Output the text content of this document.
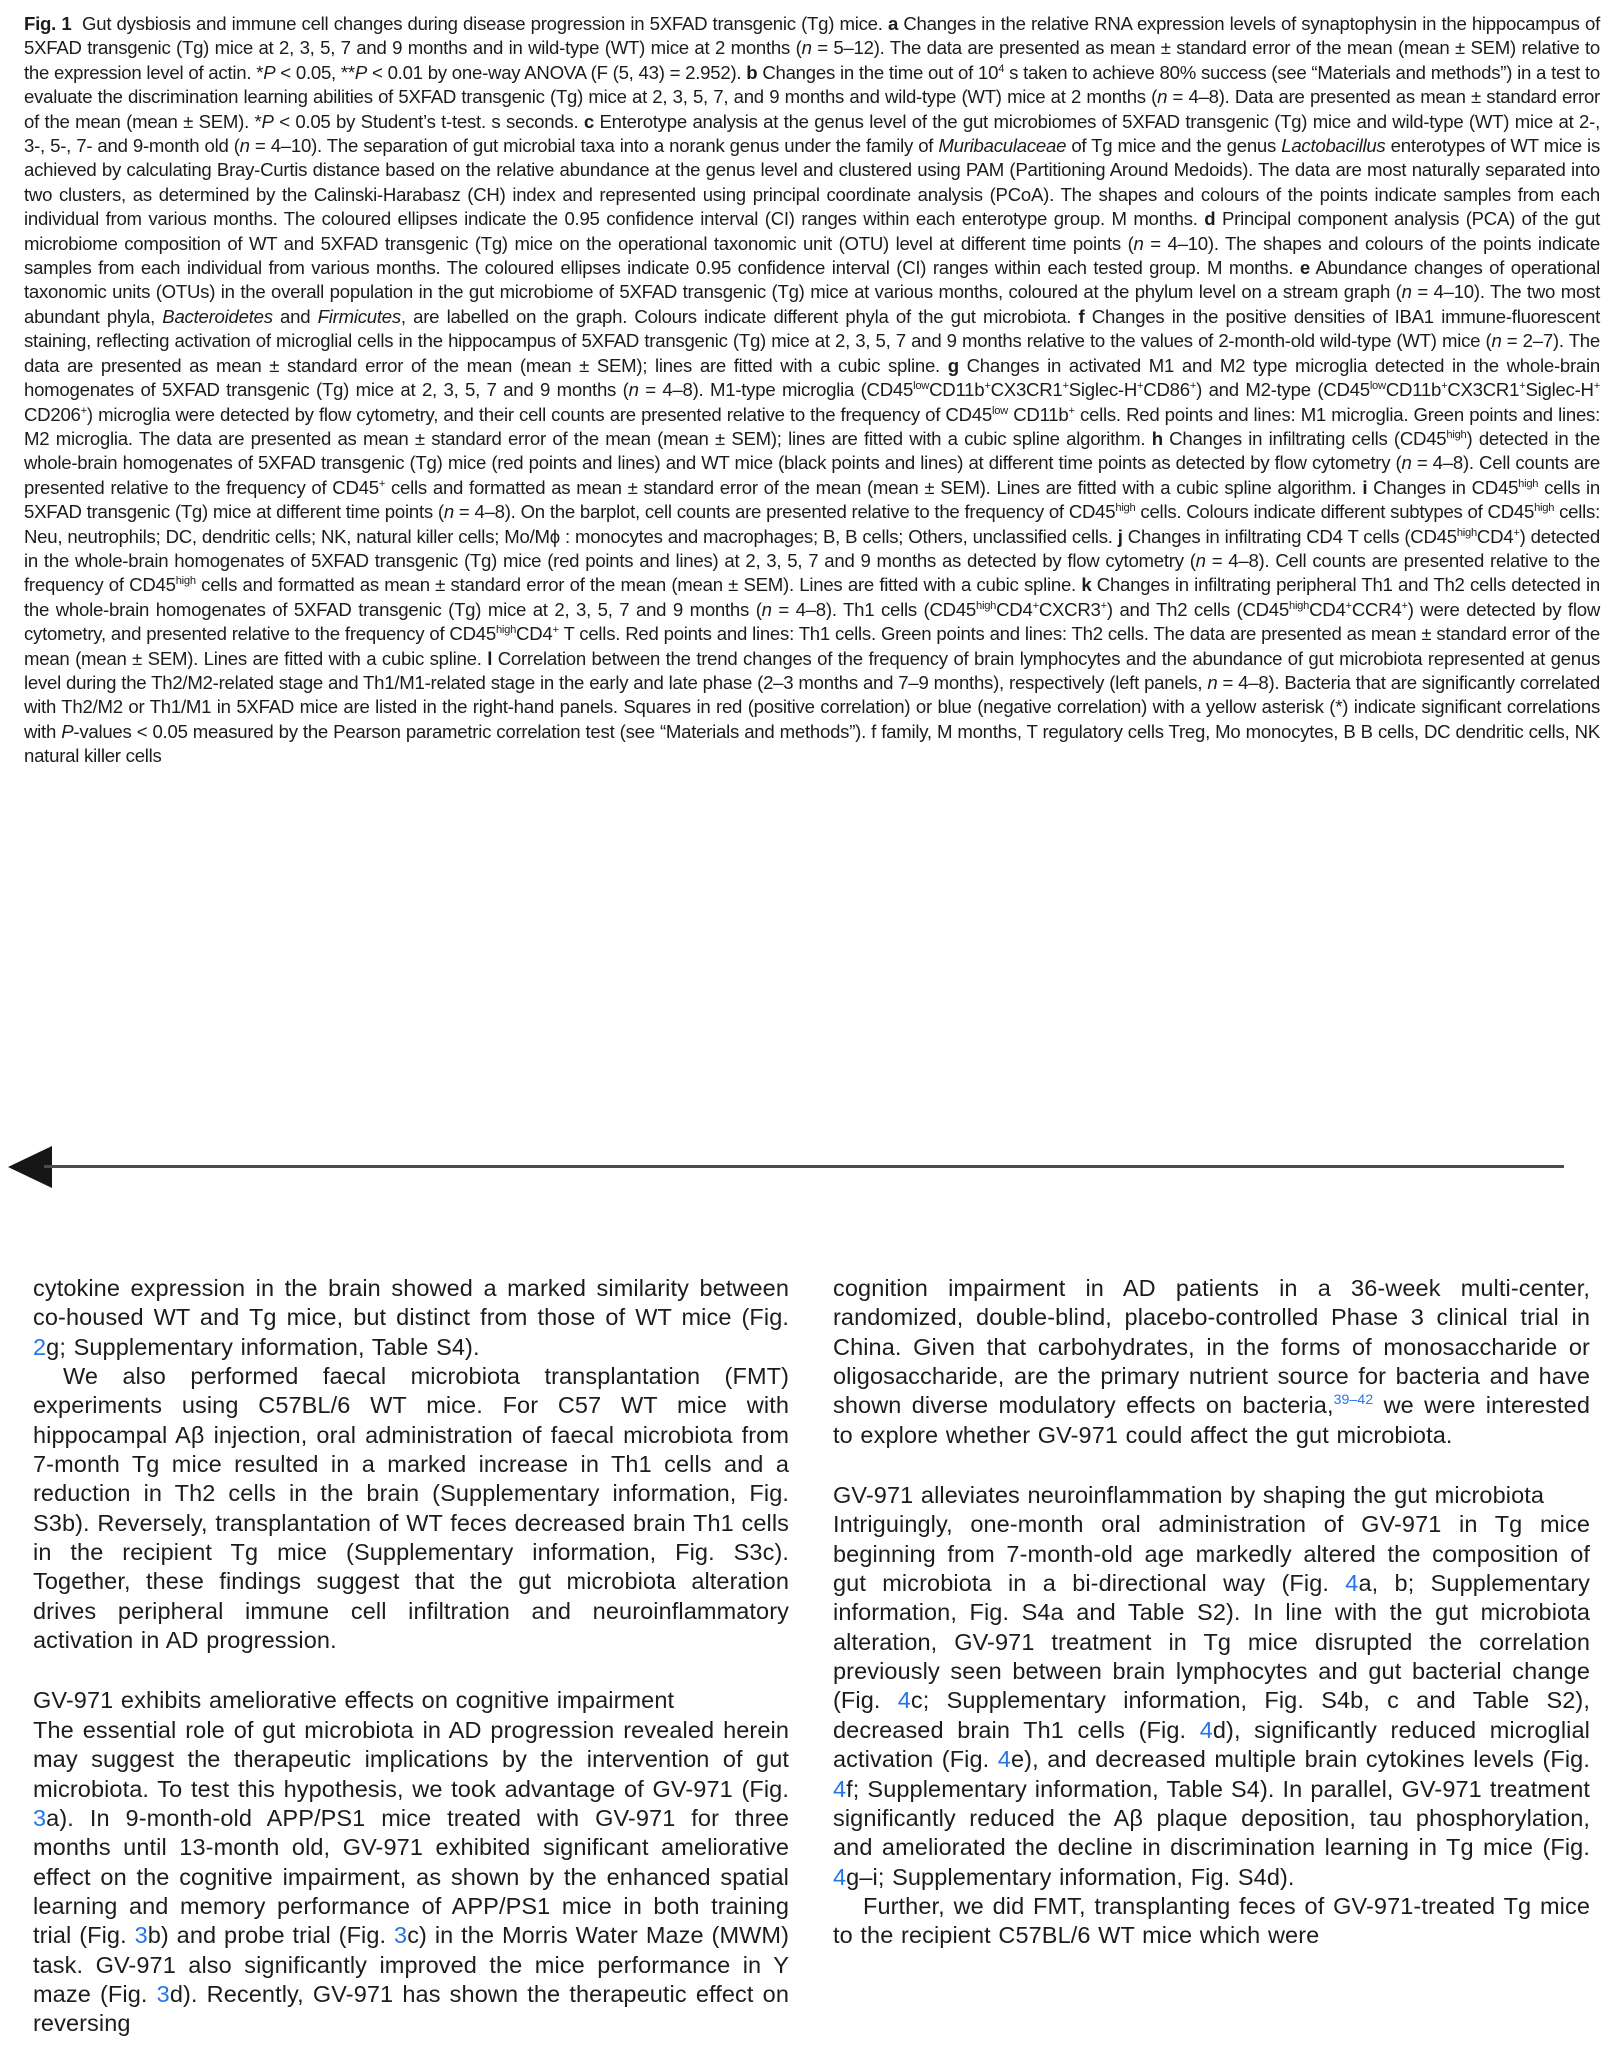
Fig. 1  Gut dysbiosis and immune cell changes during disease progression in 5XFAD transgenic (Tg) mice. a Changes in the relative RNA expression levels of synaptophysin in the hippocampus of 5XFAD transgenic (Tg) mice at 2, 3, 5, 7 and 9 months and in wild-type (WT) mice at 2 months (n = 5–12). The data are presented as mean ± standard error of the mean (mean ± SEM) relative to the expression level of actin. *P < 0.05, **P < 0.01 by one-way ANOVA (F (5, 43) = 2.952). b Changes in the time out of $10^4$ s taken to achieve 80% success (see “Materials and methods”) in a test to evaluate the discrimination learning abilities of 5XFAD transgenic (Tg) mice at 2, 3, 5, 7, and 9 months and wild-type (WT) mice at 2 months (n = 4–8). Data are presented as mean ± standard error of the mean (mean ± SEM). *P < 0.05 by Student’s t-test. s seconds. c Enterotype analysis at the genus level of the gut microbiomes of 5XFAD transgenic (Tg) mice and wild-type (WT) mice at 2-, 3-, 5-, 7- and 9-month old (n = 4–10). The separation of gut microbial taxa into a norank genus under the family of Muribaculaceae of Tg mice and the genus Lactobacillus enterotypes of WT mice is achieved by calculating Bray-Curtis distance based on the relative abundance at the genus level and clustered using PAM (Partitioning Around Medoids). The data are most naturally separated into two clusters, as determined by the Calinski-Harabasz (CH) index and represented using principal coordinate analysis (PCoA). The shapes and colours of the points indicate samples from each individual from various months. The coloured ellipses indicate the 0.95 confidence interval (CI) ranges within each enterotype group. M months. d Principal component analysis (PCA) of the gut microbiome composition of WT and 5XFAD transgenic (Tg) mice on the operational taxonomic unit (OTU) level at different time points (n = 4–10). The shapes and colours of the points indicate samples from each individual from various months. The coloured ellipses indicate 0.95 confidence interval (CI) ranges within each tested group. M months. e Abundance changes of operational taxonomic units (OTUs) in the overall population in the gut microbiome of 5XFAD transgenic (Tg) mice at various months, coloured at the phylum level on a stream graph (n = 4–10). The two most abundant phyla, Bacteroidetes and Firmicutes, are labelled on the graph. Colours indicate different phyla of the gut microbiota. f Changes in the positive densities of IBA1 immune-fluorescent staining, reflecting activation of microglial cells in the hippocampus of 5XFAD transgenic (Tg) mice at 2, 3, 5, 7 and 9 months relative to the values of 2-month-old wild-type (WT) mice (n = 2–7). The data are presented as mean ± standard error of the mean (mean ± SEM); lines are fitted with a cubic spline. g Changes in activated M1 and M2 type microglia detected in the whole-brain homogenates of 5XFAD transgenic (Tg) mice at 2, 3, 5, 7 and 9 months (n = 4–8). M1-type microglia $(CD45^{low}CD11b^+CX3CR1^+Siglec-H^+CD86^+)$ and M2-type ($CD45^{low}CD11b^+CX3CR1^+Siglec-H^+$ CD206+) microglia were detected by flow cytometry, and their cell counts are presented relative to the frequency of $CD45^{low}$ CD11b+ cells. Red points and lines: M1 microglia. Green points and lines: M2 microglia. The data are presented as mean ± standard error of the mean (mean ± SEM); lines are fitted with a cubic spline algorithm. h Changes in infiltrating cells $(CD45^{high})$ detected in the whole-brain homogenates of 5XFAD transgenic (Tg) mice (red points and lines) and WT mice (black points and lines) at different time points as detected by flow cytometry (n = 4–8). Cell counts are presented relative to the frequency of CD45+ cells and formatted as mean ± standard error of the mean (mean ± SEM). Lines are fitted with a cubic spline algorithm. i Changes in $CD45^{high}$ cells in 5XFAD transgenic (Tg) mice at different time points (n = 4–8). On the barplot, cell counts are presented relative to the frequency of $CD45^{high}$ cells. Colours indicate different subtypes of $CD45^{high}$ cells: Neu, neutrophils; DC, dendritic cells; NK, natural killer cells; Mo/Mϕ : monocytes and macrophages; B, B cells; Others, unclassified cells. j Changes in infiltrating CD4 T cells $(CD45^{high}CD4^+)$ detected in the whole-brain homogenates of 5XFAD transgenic (Tg) mice (red points and lines) at 2, 3, 5, 7 and 9 months as detected by flow cytometry (n = 4–8). Cell counts are presented relative to the frequency of $CD45^{high}$ cells and formatted as mean ± standard error of the mean (mean ± SEM). Lines are fitted with a cubic spline. k Changes in infiltrating peripheral Th1 and Th2 cells detected in the whole-brain homogenates of 5XFAD transgenic (Tg) mice at 2, 3, 5, 7 and 9 months (n = 4–8). Th1 cells $(CD45^{high}CD4^+CXCR3^+)$ and Th2 cells $(CD45^{high}CD4^+CCR4^+)$ were detected by flow cytometry, and presented relative to the frequency of $CD45^{high}CD4^+$ T cells. Red points and lines: Th1 cells. Green points and lines: Th2 cells. The data are presented as mean ± standard error of the mean (mean ± SEM). Lines are fitted with a cubic spline. l Correlation between the trend changes of the frequency of brain lymphocytes and the abundance of gut microbiota represented at genus level during the Th2/M2-related stage and Th1/M1-related stage in the early and late phase (2–3 months and 7–9 months), respectively (left panels, n = 4–8). Bacteria that are significantly correlated with Th2/M2 or Th1/M1 in 5XFAD mice are listed in the right-hand panels. Squares in red (positive correlation) or blue (negative correlation) with a yellow asterisk (*) indicate significant correlations with P-values < 0.05 measured by the Pearson parametric correlation test (see “Materials and methods”). f family, M months, T regulatory cells Treg, Mo monocytes, B B cells, DC dendritic cells, NK natural killer cells

cytokine expression in the brain showed a marked similarity between co-housed WT and Tg mice, but distinct from those of WT mice (Fig. 2g; Supplementary information, Table S4).

We also performed faecal microbiota transplantation (FMT) experiments using C57BL/6 WT mice. For C57 WT mice with hippocampal Aβ injection, oral administration of faecal microbiota from 7-month Tg mice resulted in a marked increase in Th1 cells and a reduction in Th2 cells in the brain (Supplementary information, Fig. S3b). Reversely, transplantation of WT feces decreased brain Th1 cells in the recipient Tg mice (Supplementary information, Fig. S3c). Together, these findings suggest that the gut microbiota alteration drives peripheral immune cell infiltration and neuroinflammatory activation in AD progression.

GV-971 exhibits ameliorative effects on cognitive impairment

The essential role of gut microbiota in AD progression revealed herein may suggest the therapeutic implications by the intervention of gut microbiota. To test this hypothesis, we took advantage of GV-971 (Fig. 3a). In 9-month-old APP/PS1 mice treated with GV-971 for three months until 13-month old, GV-971 exhibited significant ameliorative effect on the cognitive impairment, as shown by the enhanced spatial learning and memory performance of APP/PS1 mice in both training trial (Fig. 3b) and probe trial (Fig. 3c) in the Morris Water Maze (MWM) task. GV-971 also significantly improved the mice performance in Y maze (Fig. 3d). Recently, GV-971 has shown the therapeutic effect on reversing

cognition impairment in AD patients in a 36-week multi-center, randomized, double-blind, placebo-controlled Phase 3 clinical trial in China. Given that carbohydrates, in the forms of monosaccharide or oligosaccharide, are the primary nutrient source for bacteria and have shown diverse modulatory effects on bacteria,$^{39-42}$ we were interested to explore whether GV-971 could affect the gut microbiota.

GV-971 alleviates neuroinflammation by shaping the gut microbiota

Intriguingly, one-month oral administration of GV-971 in Tg mice beginning from 7-month-old age markedly altered the composition of gut microbiota in a bi-directional way (Fig. 4a, b; Supplementary information, Fig. S4a and Table S2). In line with the gut microbiota alteration, GV-971 treatment in Tg mice disrupted the correlation previously seen between brain lymphocytes and gut bacterial change (Fig. 4c; Supplementary information, Fig. S4b, c and Table S2), decreased brain Th1 cells (Fig. 4d), significantly reduced microglial activation (Fig. 4e), and decreased multiple brain cytokines levels (Fig. 4f; Supplementary information, Table S4). In parallel, GV-971 treatment significantly reduced the Aβ plaque deposition, tau phosphorylation, and ameliorated the decline in discrimination learning in Tg mice (Fig. 4g–i; Supplementary information, Fig. S4d).

Further, we did FMT, transplanting feces of GV-971-treated Tg mice to the recipient C57BL/6 WT mice which were
